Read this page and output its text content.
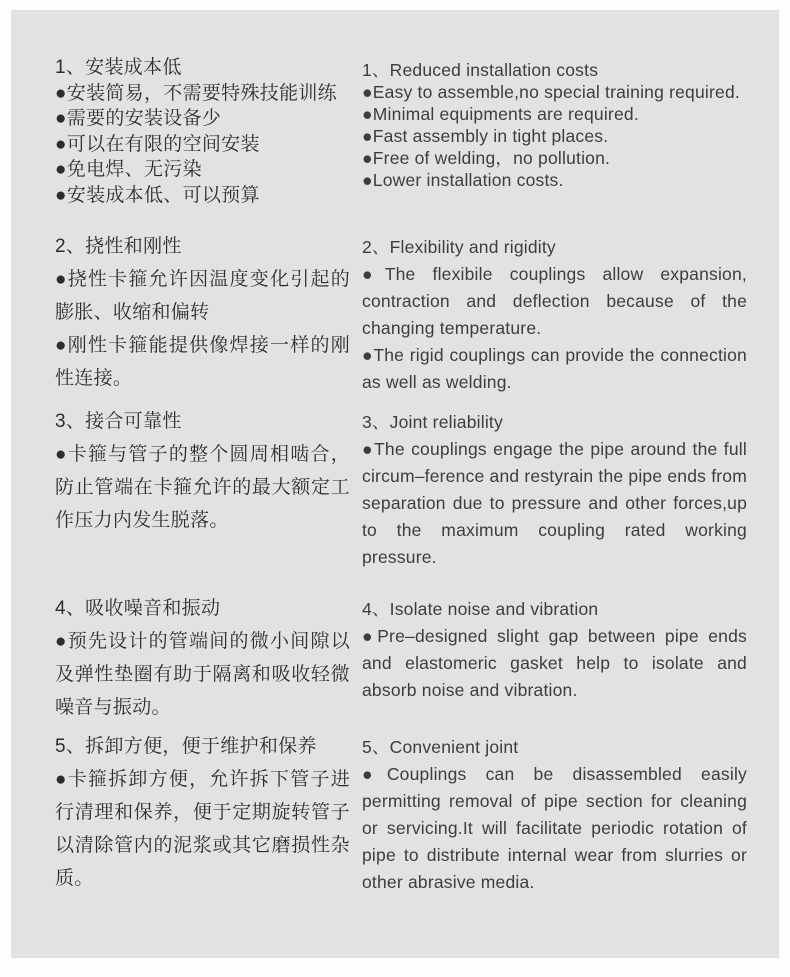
1、安装成本低

● 安装简易，不需要特殊技能训练

● 需要的安装设备少

● 可以在有限的空间安装

● 免电焊、无污染

● 安装成本低、可以预算

1、Reduced installation costs

● Easy to assemble,no special training required.

● Minimal equipments are required.

● Fast assembly in tight places.

● Free of welding，no pollution.

● Lower installation costs.

2、挠性和刚性

● 挠性卡箍允许因温度变化引起的膨胀、收缩和偏转

● 刚性卡箍能提供像焊接一样的刚性连接。

2、Flexibility and rigidity

● The flexibile couplings allow expansion, contraction and deflection because of the changing temperature.

● The rigid couplings can provide the connection as well as welding.

3、接合可靠性

● 卡箍与管子的整个圆周相啮合，防止管端在卡箍允许的最大额定工作压力内发生脱落。

3、Joint reliability

● The couplings engage the pipe around the full circum–ference and restyrain the pipe ends from separation due to pressure and other forces,up to the maximum coupling rated working pressure.

4、吸收噪音和振动

● 预先设计的管端间的微小间隙以及弹性垫圈有助于隔离和吸收轻微噪音与振动。

4、Isolate noise and vibration

● Pre–designed slight gap between pipe ends and elastomeric gasket help to isolate and absorb noise and vibration.

5、拆卸方便，便于维护和保养

● 卡箍拆卸方便，允许拆下管子进行清理和保养，便于定期旋转管子以清除管内的泥浆或其它磨损性杂质。

5、Convenient joint

● Couplings can be disassembled easily permitting removal of pipe section for cleaning or servicing.It will facilitate periodic rotation of pipe to distribute internal wear from slurries or other abrasive media.
